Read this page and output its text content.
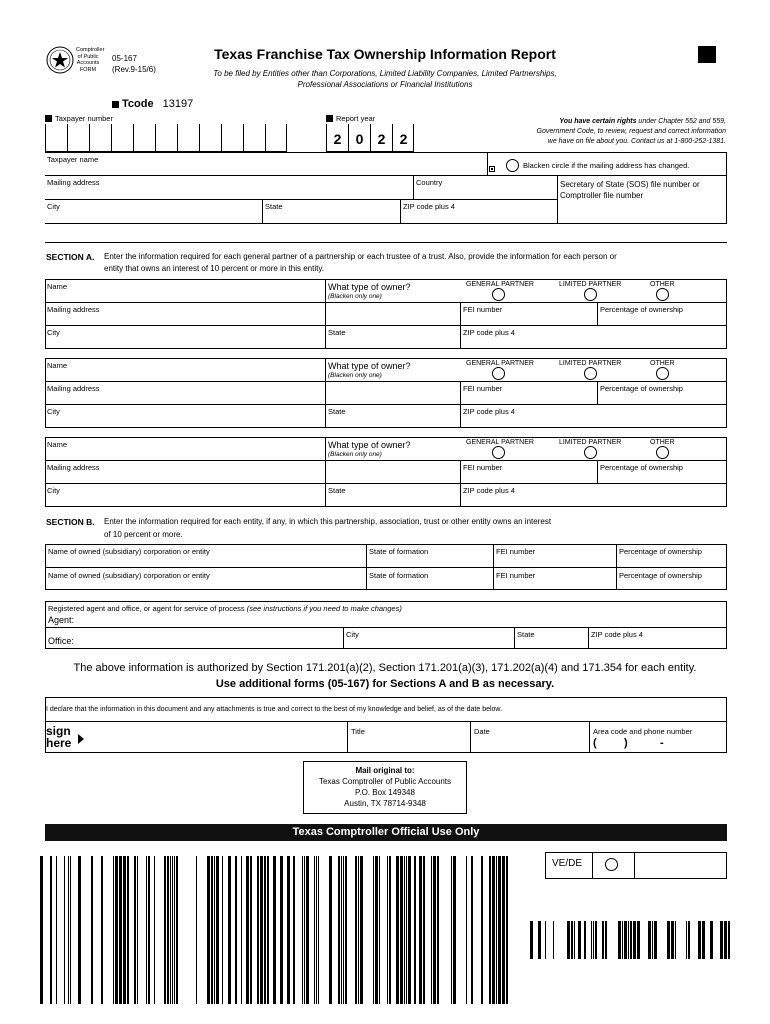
Comptroller
of Public
Accounts
FORM
05-167
(Rev.9-15/6)
Texas Franchise Tax Ownership Information Report
To be filed by Entities other than Corporations, Limited Liability Companies, Limited Partnerships,
Professional Associations or Financial Institutions
Tcode 13197
Taxpayer number	Report year
2	0	2	2
You have certain rights under Chapter 552 and 559,
Government Code, to review, request and correct information
we have on file about you. Contact us at 1-800-252-1381.
Taxpayer name
Blacken circle if the mailing address has changed.
Mailing address	Country	Secretary of State (SOS) file number or
Comptroller file number
City	State	ZIP code plus 4
SECTION A. Enter the information required for each general partner of a partnership or each trustee of a trust. Also, provide the information for each person or
entity that owns an interest of 10 percent or more in this entity.
Name	What type of owner?
(Blacken only one)
GENERAL PARTNER	LIMITED PARTNER	OTHER
Mailing address	FEI number	Percentage of ownership
City	State	ZIP code plus 4
Name	What type of owner?
(Blacken only one)
GENERAL PARTNER	LIMITED PARTNER	OTHER
Mailing address	FEI number	Percentage of ownership
City	State	ZIP code plus 4
Name	What type of owner?
(Blacken only one)
GENERAL PARTNER	LIMITED PARTNER	OTHER
Mailing address	FEI number	Percentage of ownership
City	State	ZIP code plus 4
SECTION B. Enter the information required for each entity, if any, in which this partnership, association, trust or other entity owns an interest
of 10 percent or more.
Name of owned (subsidiary) corporation or entity	State of formation	FEI number	Percentage of ownership
Name of owned (subsidiary) corporation or entity	State of formation	FEI number	Percentage of ownership
Registered agent and office, or agent for service of process (see instructions if you need to make changes)
Agent:
Office:
City	State	ZIP code plus 4
The above information is authorized by Section 171.201(a)(2), Section 171.201(a)(3), 171.202(a)(4) and 171.354 for each entity.
Use additional forms (05-167) for Sections A and B as necessary.
I declare that the information in this document and any attachments is true and correct to the best of my knowledge and belief, as of the date below.
sign
here
Title	Date	Area code and phone number
( )	-
Mail original to:
Texas Comptroller of Public Accounts
P.O. Box 149348
Austin, TX 78714-9348
Texas Comptroller Official Use Only
VE/DE
